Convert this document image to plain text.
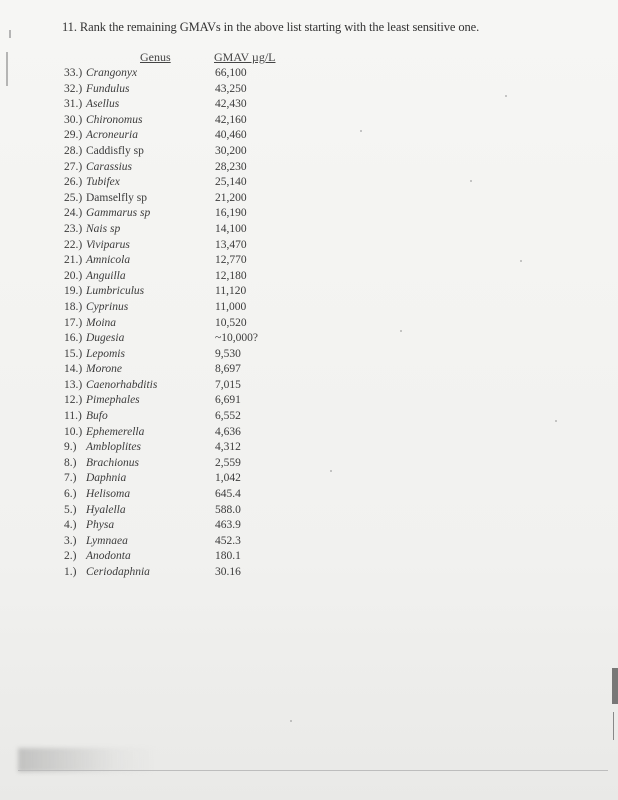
11. Rank the remaining GMAVs in the above list starting with the least sensitive one.
Genus	GMAV µg/L
33.) Crangonyx	66,100
32.) Fundulus	43,250
31.) Asellus	42,430
30.) Chironomus	42,160
29.) Acroneuria	40,460
28.) Caddisfly sp	30,200
27.) Carassius	28,230
26.) Tubifex	25,140
25.) Damselfly sp	21,200
24.) Gammarus sp	16,190
23.) Nais sp	14,100
22.) Viviparus	13,470
21.) Amnicola	12,770
20.) Anguilla	12,180
19.) Lumbriculus	11,120
18.) Cyprinus	11,000
17.) Moina	10,520
16.) Dugesia	~10,000?
15.) Lepomis	9,530
14.) Morone	8,697
13.) Caenorhabditis	7,015
12.) Pimephales	6,691
11.) Bufo	6,552
10.) Ephemerella	4,636
9.) Ambloplites	4,312
8.) Brachionus	2,559
7.) Daphnia	1,042
6.) Helisoma	645.4
5.) Hyalella	588.0
4.) Physa	463.9
3.) Lymnaea	452.3
2.) Anodonta	180.1
1.) Ceriodaphnia	30.16
